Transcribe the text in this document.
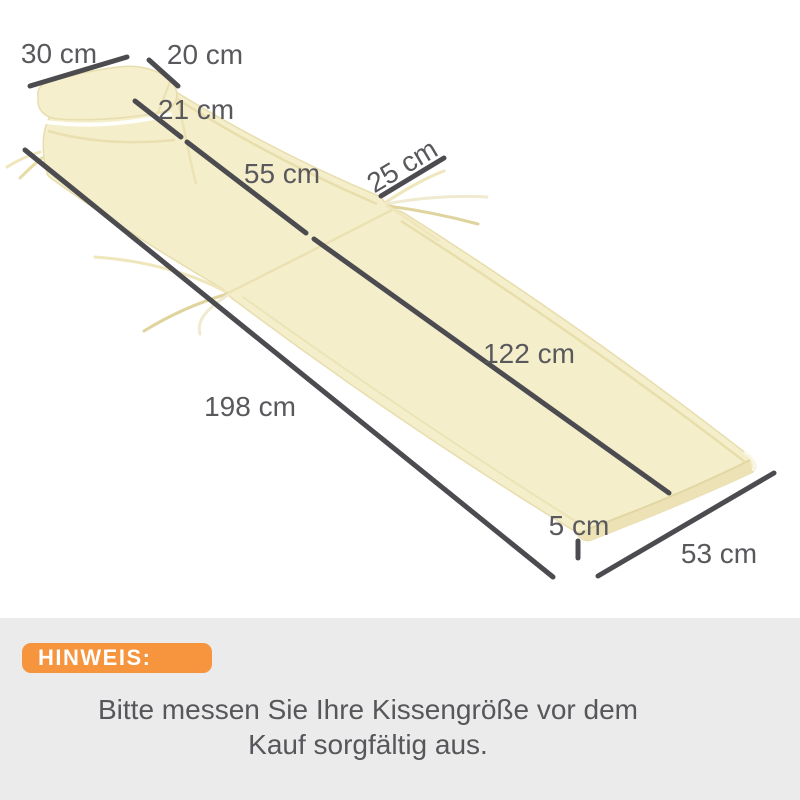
30 cm 20 cm
21 cm
55 cm 25 cm
122 cm
198 cm
5 cm
53 cm
HINWEIS:
Bitte messen Sie Ihre Kissengröße vor dem
Kauf sorgfältig aus.
